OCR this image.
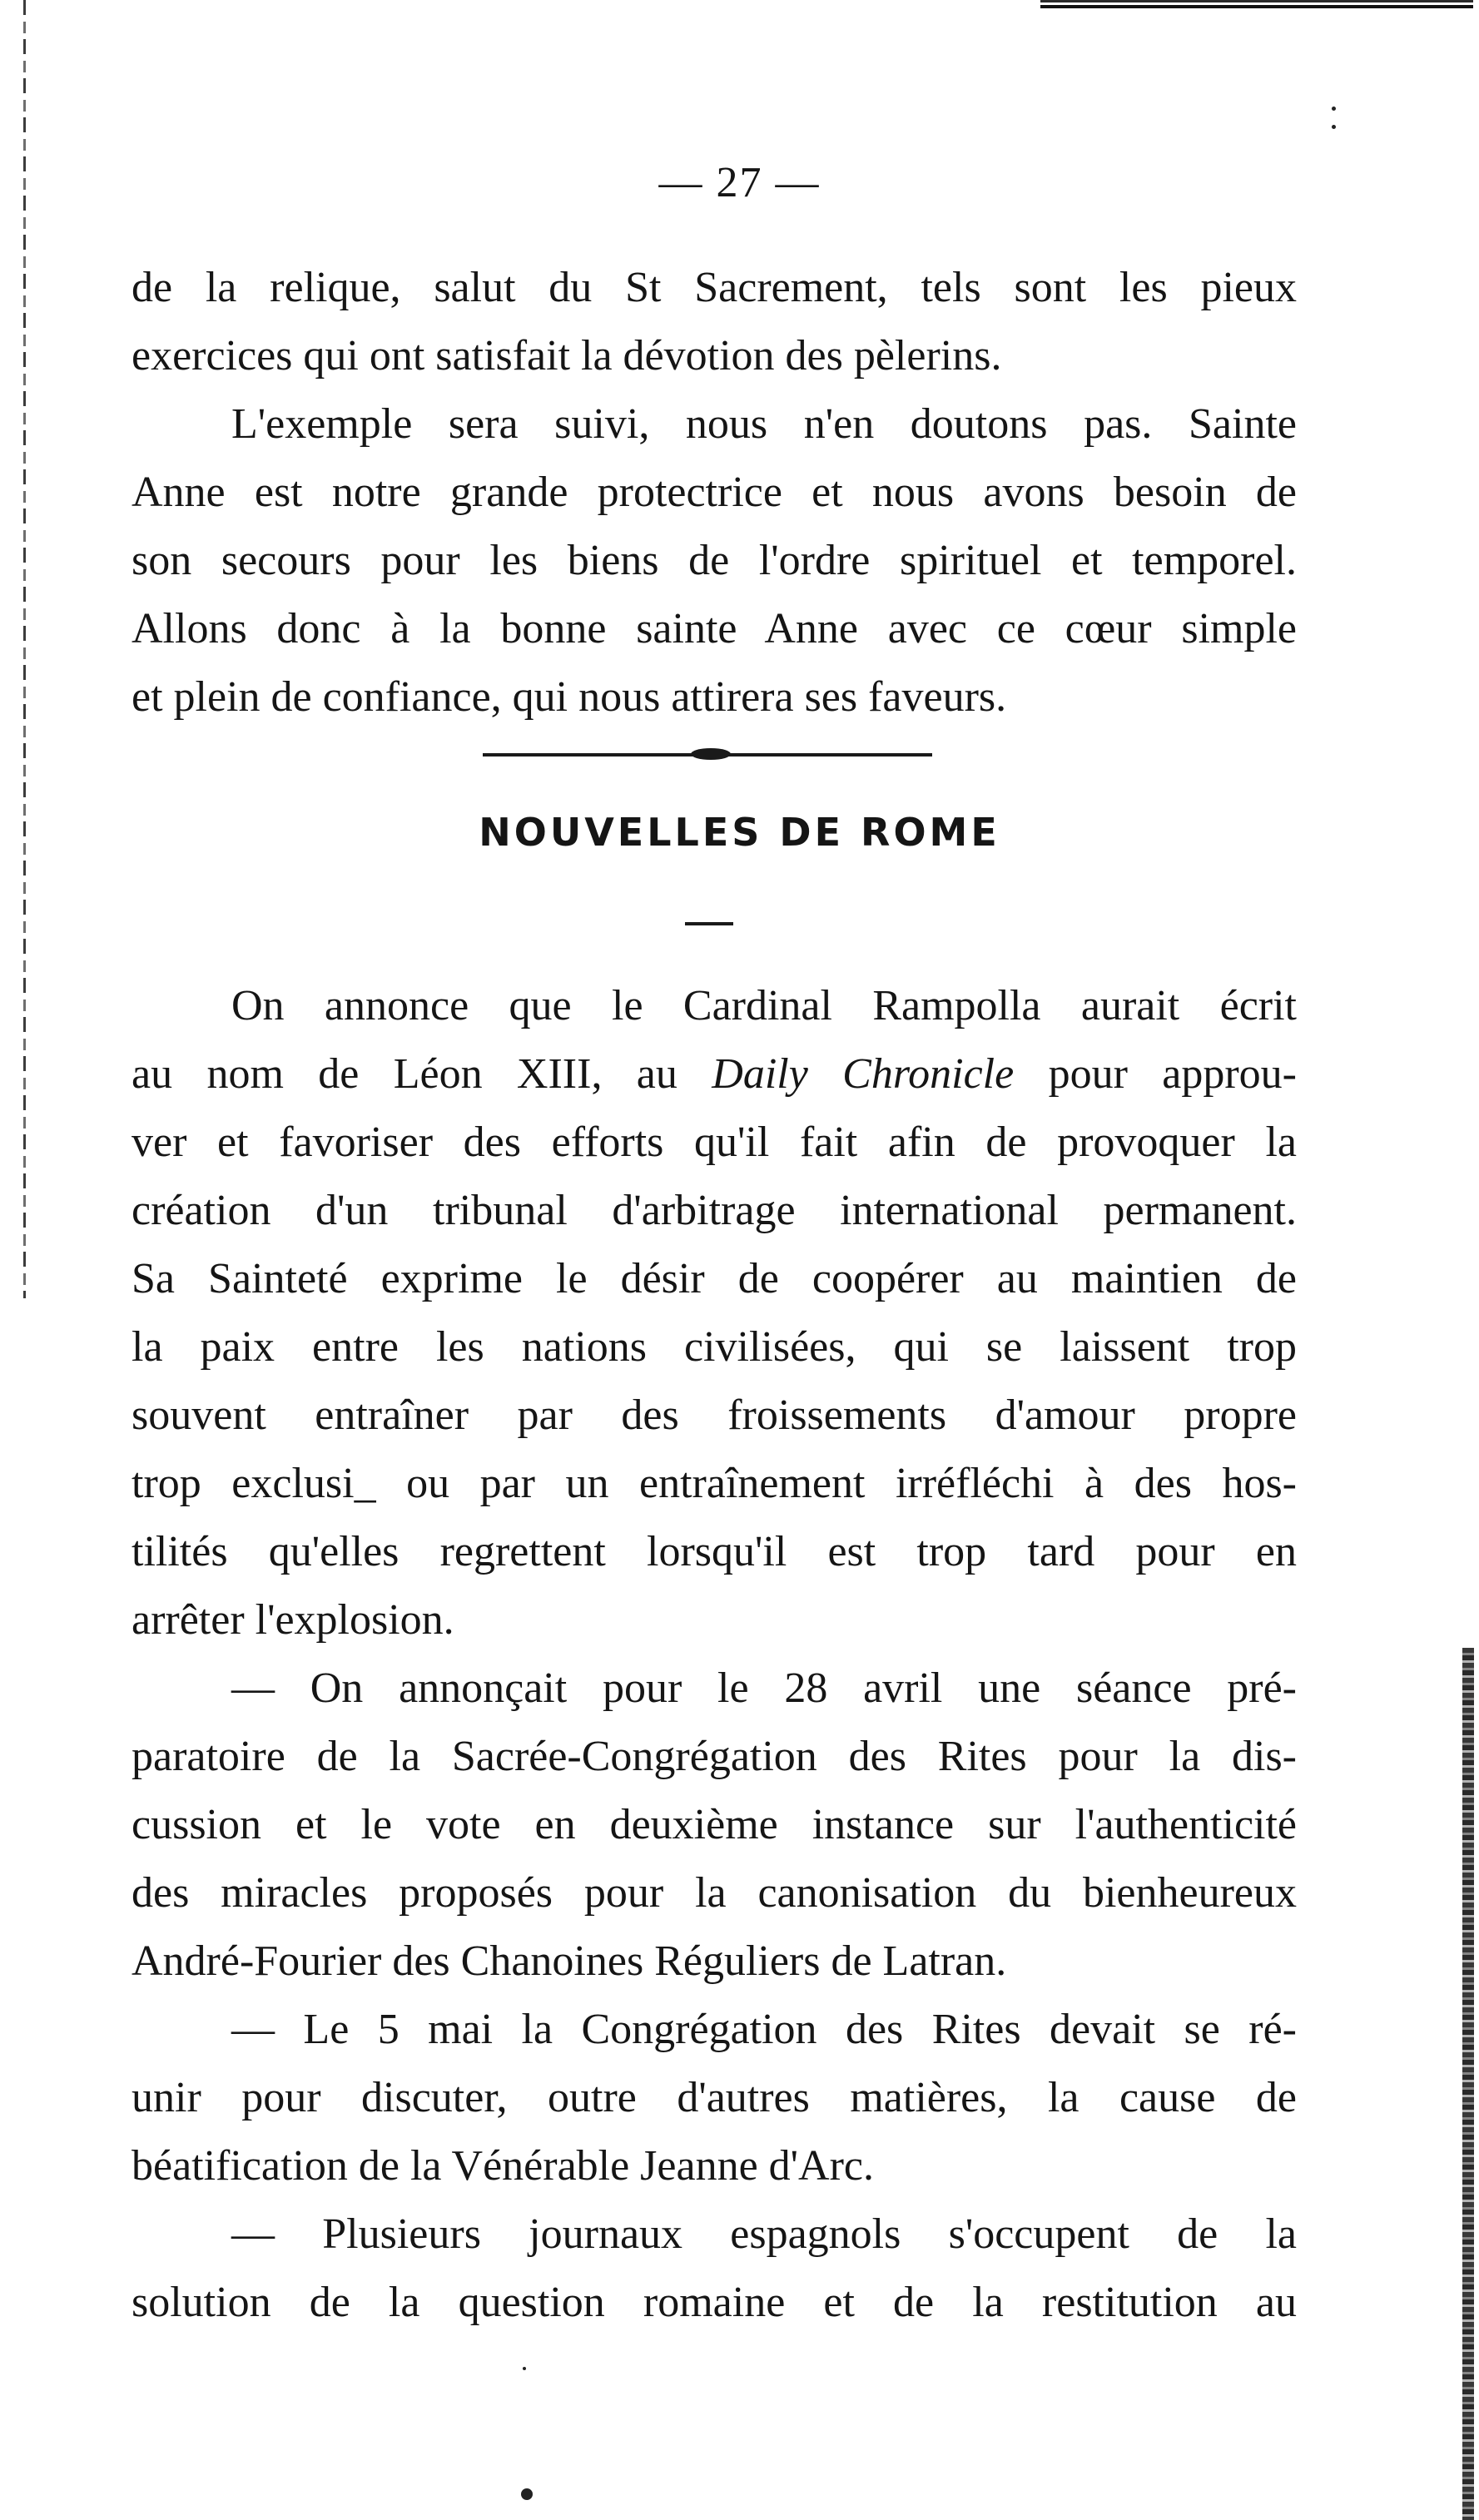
— 27 —
de la relique, salut du St Sacrement, tels sont les pieux
exercices qui ont satisfait la dévotion des pèlerins.
L'exemple sera suivi, nous n'en doutons pas. Sainte
Anne est notre grande protectrice et nous avons besoin de
son secours pour les biens de l'ordre spirituel et temporel.
Allons donc à la bonne sainte Anne avec ce cœur simple
et plein de confiance, qui nous attirera ses faveurs.
NOUVELLES DE ROME
On annonce que le Cardinal Rampolla aurait écrit
au nom de Léon XIII, au Daily Chronicle pour approu-
ver et favoriser des efforts qu'il fait afin de provoquer la
création d'un tribunal d'arbitrage international permanent.
Sa Sainteté exprime le désir de coopérer au maintien de
la paix entre les nations civilisées, qui se laissent trop
souvent entraîner par des froissements d'amour propre
trop exclusi_ ou par un entraînement irréfléchi à des hos-
tilités qu'elles regrettent lorsqu'il est trop tard pour en
arrêter l'explosion.
— On annonçait pour le 28 avril une séance pré-
paratoire de la Sacrée-Congrégation des Rites pour la dis-
cussion et le vote en deuxième instance sur l'authenticité
des miracles proposés pour la canonisation du bienheureux
André-Fourier des Chanoines Réguliers de Latran.
— Le 5 mai la Congrégation des Rites devait se ré-
unir pour discuter, outre d'autres matières, la cause de
béatification de la Vénérable Jeanne d'Arc.
— Plusieurs journaux espagnols s'occupent de la
solution de la question romaine et de la restitution au
